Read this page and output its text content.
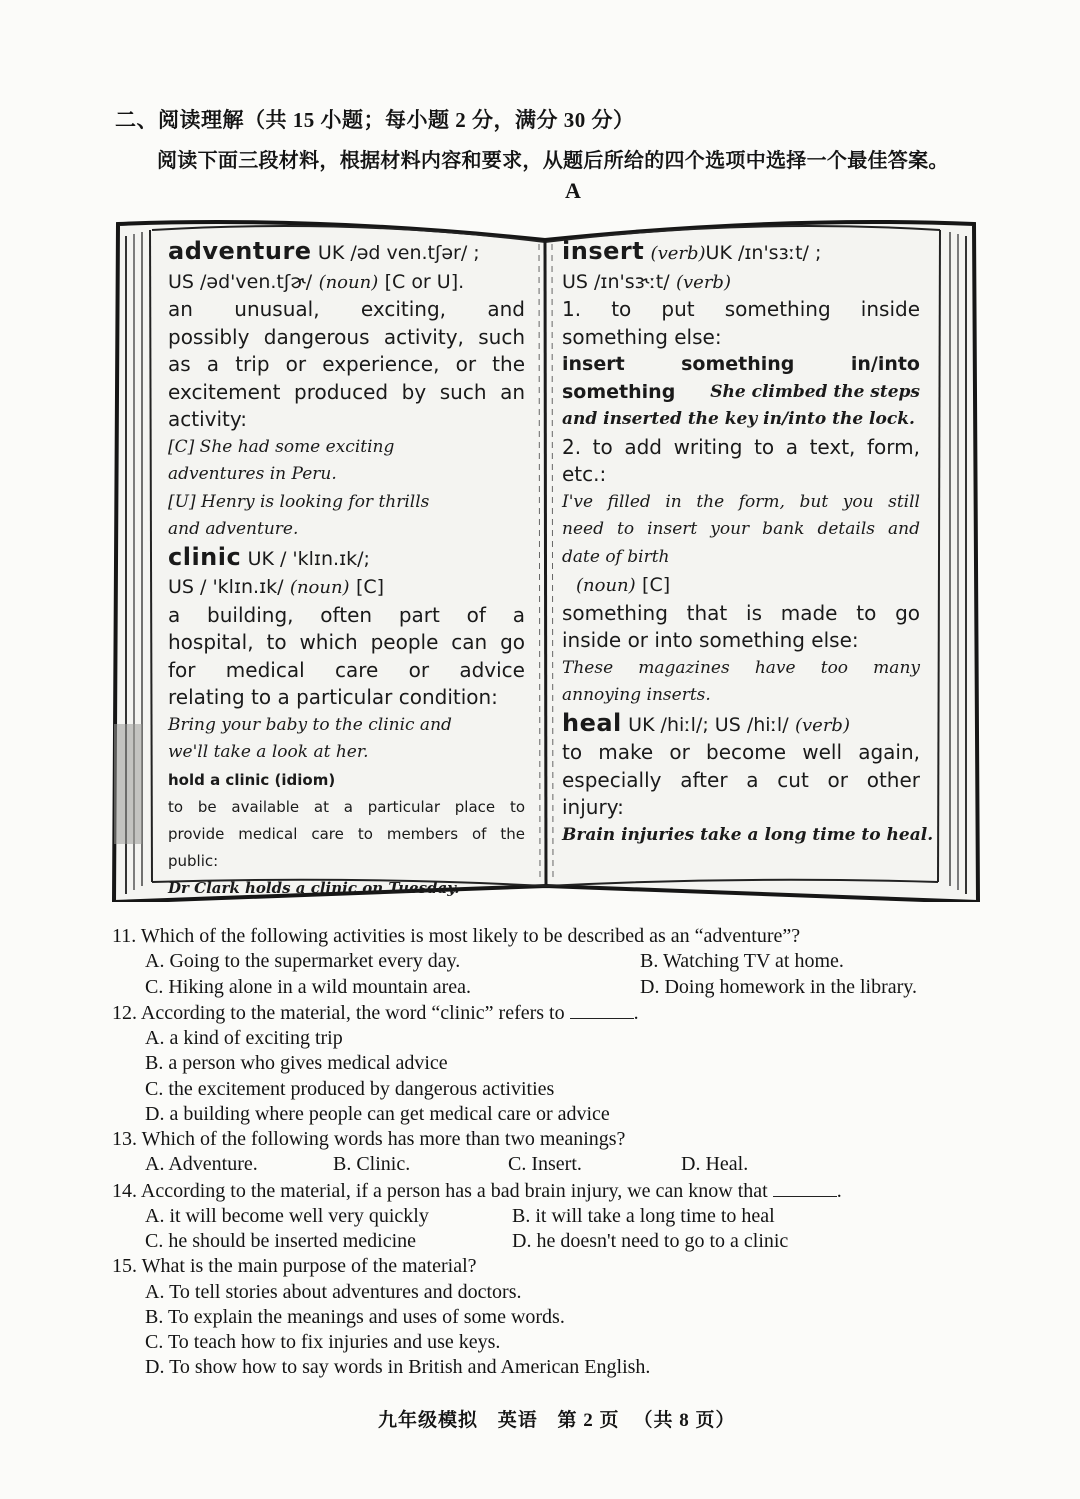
二、阅读理解（共 15 小题；每小题 2 分，满分 30 分）
阅读下面三段材料，根据材料内容和要求，从题后所给的四个选项中选择一个最佳答案。
A
adventure UK /əd ven.tʃər/ ;
US /əd'ven.tʃɚ/ (noun) [C or U].
an unusual, exciting, and
possibly dangerous activity, such
as a trip or experience, or the
excitement produced by such an
activity:
[C] She had some exciting
adventures in Peru.
[U] Henry is looking for thrills
and adventure.
clinic UK / 'klɪn.ɪk/;
US / 'klɪn.ɪk/ (noun) [C]
a building, often part of a
hospital, to which people can go
for medical care or advice
relating to a particular condition:
Bring your baby to the clinic and
we'll take a look at her.
hold a clinic (idiom)
to be available at a particular place to
provide medical care to members of the
public:
Dr Clark holds a clinic on Tuesday.
insert (verb)UK /ɪn'sɜːt/ ;
US /ɪn'sɝːt/ (verb)
1. to put something inside
something else:
insert something in/into
something She climbed the steps
and inserted the key in/into the lock.
2. to add writing to a text, form,
etc.:
I've filled in the form, but you still
need to insert your bank details and
date of birth
(noun) [C]
something that is made to go
inside or into something else:
These magazines have too many
annoying inserts.
heal UK /hiːl/; US /hiːl/ (verb)
to make or become well again,
especially after a cut or other
injury:
Brain injuries take a long time to heal.
11. Which of the following activities is most likely to be described as an “adventure”?
A. Going to the supermarket every day.	B. Watching TV at home.
C. Hiking alone in a wild mountain area.	D. Doing homework in the library.
12. According to the material, the word “clinic” refers to	.
A. a kind of exciting trip
B. a person who gives medical advice
C. the excitement produced by dangerous activities
D. a building where people can get medical care or advice
13. Which of the following words has more than two meanings?
A. Adventure.	B. Clinic.	C. Insert.	D. Heal.
14. According to the material, if a person has a bad brain injury, we can know that	.
A. it will become well very quickly	B. it will take a long time to heal
C. he should be inserted medicine	D. he doesn't need to go to a clinic
15. What is the main purpose of the material?
A. To tell stories about adventures and doctors.
B. To explain the meanings and uses of some words.
C. To teach how to fix injuries and use keys.
D. To show how to say words in British and American English.
九年级模拟 英语 第 2 页 （共 8 页）
